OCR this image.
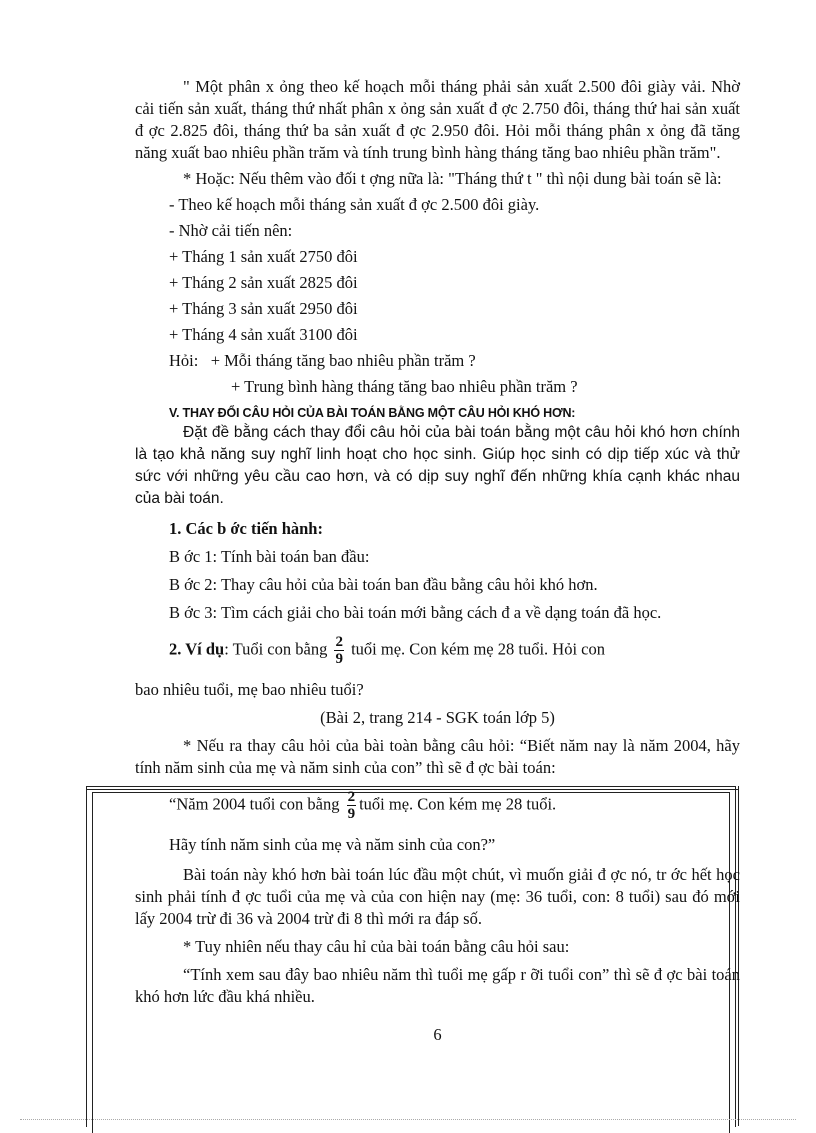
" Một phân x ỏng theo kế hoạch mỗi tháng phải sản xuất 2.500 đôi giày vải. Nhờ cải tiến sản xuất, tháng thứ nhất phân x ỏng sản xuất đ ợc 2.750 đôi, tháng thứ hai sản xuất đ ợc 2.825 đôi, tháng thứ ba sản xuất đ ợc 2.950 đôi. Hỏi mỗi tháng phân x ỏng đã tăng năng xuất bao nhiêu phần trăm và tính trung bình hàng tháng tăng bao nhiêu phần trăm".

* Hoặc: Nếu thêm vào đối t ợng nữa là: "Tháng thứ t " thì nội dung bài toán sẽ là:

- Theo kế hoạch mỗi tháng sản xuất đ ợc 2.500 đôi giày.

- Nhờ cải tiến nên:

+ Tháng 1 sản xuất 2750 đôi

+ Tháng 2 sản xuất 2825 đôi

+ Tháng 3 sản xuất 2950 đôi

+ Tháng 4 sản xuất 3100 đôi

Hỏi:   + Mỗi tháng tăng bao nhiêu phần trăm ?

+ Trung bình hàng tháng tăng bao nhiêu phần trăm ?

V. THAY ĐỔI CÂU HỎI CỦA BÀI TOÁN BẰNG MỘT CÂU HỎI KHÓ HƠN:

Đặt đề bằng cách thay đổi câu hỏi của bài toán bằng một câu hỏi khó hơn chính là tạo khả năng suy nghĩ linh hoạt cho học sinh. Giúp học sinh có dịp tiếp xúc và thử sức với những yêu cầu cao hơn, và có dịp suy nghĩ đến những khía cạnh khác nhau của bài toán.

1. Các b ớc tiến hành:

B ớc 1: Tính bài toán ban đầu:

B ớc 2: Thay câu hỏi của bài toán ban đầu bằng câu hỏi khó hơn.

B ớc 3: Tìm cách giải cho bài toán mới bằng cách đ a về dạng toán đã học.

2. Ví dụ: Tuổi con bằng $\frac{2}{9}$ tuổi mẹ. Con kém mẹ 28 tuổi. Hỏi con

bao nhiêu tuổi, mẹ bao nhiêu tuổi?

(Bài 2, trang 214 - SGK toán lớp 5)

* Nếu ra thay câu hỏi của bài toàn bằng câu hỏi: “Biết năm nay là năm 2004, hãy tính năm sinh của mẹ và năm sinh của con” thì sẽ đ ợc bài toán:

“Năm 2004 tuổi con bằng $\frac{2}{9}$ tuổi mẹ. Con kém mẹ 28 tuổi.

Hãy tính năm sinh của mẹ và năm sinh của con?”

Bài toán này khó hơn bài toán lúc đầu một chút, vì muốn giải đ ợc nó, tr ớc hết học sinh phải tính đ ợc tuổi của mẹ và của con hiện nay (mẹ: 36 tuổi, con: 8 tuổi) sau đó mới lấy 2004 trừ đi 36 và 2004 trừ đi 8 thì mới ra đáp số.

* Tuy nhiên nếu thay câu hỉ của bài toán bằng câu hỏi sau:

“Tính xem sau đây bao nhiêu năm thì tuổi mẹ gấp r ỡi tuổi con” thì sẽ đ ợc bài toán khó hơn lức đầu khá nhiều.

6
